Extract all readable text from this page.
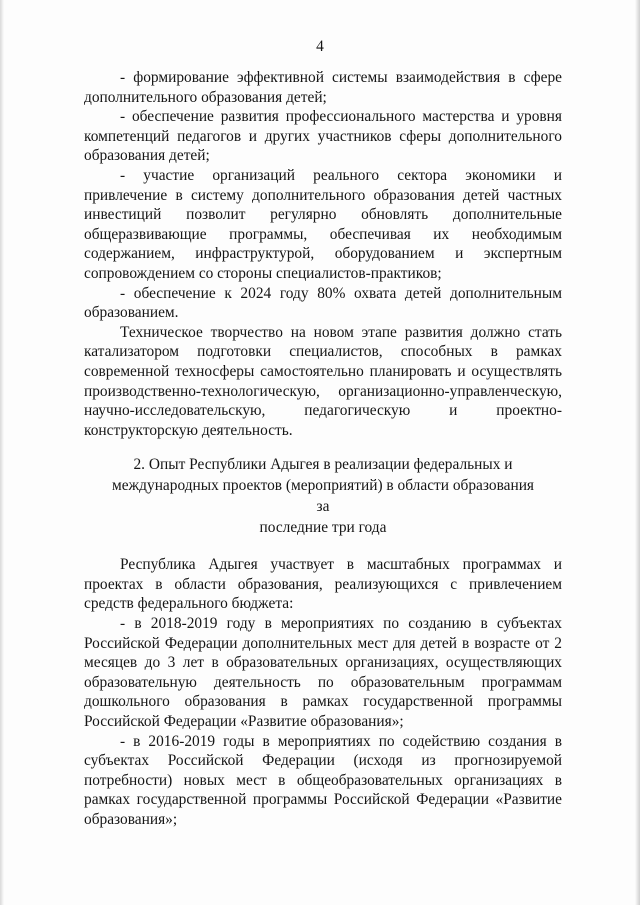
4

- формирование эффективной системы взаимодействия в сфере дополнительного образования детей;

- обеспечение развития профессионального мастерства и уровня компетенций педагогов и других участников сферы дополнительного образования детей;

- участие организаций реального сектора экономики и привлечение в систему дополнительного образования детей частных инвестиций позволит регулярно обновлять дополнительные общеразвивающие программы, обеспечивая их необходимым содержанием, инфраструктурой, оборудованием и экспертным сопровождением со стороны специалистов-практиков;

- обеспечение к 2024 году 80% охвата детей дополнительным образованием.

Техническое творчество на новом этапе развития должно стать катализатором подготовки специалистов, способных в рамках современной техносферы самостоятельно планировать и осуществлять производственно-технологическую, организационно-управленческую, научно-исследовательскую, педагогическую и проектно-конструкторскую деятельность.

2. Опыт Республики Адыгея в реализации федеральных и
международных проектов (мероприятий) в области образования за
последние три года

Республика Адыгея участвует в масштабных программах и проектах в области образования, реализующихся с привлечением средств федерального бюджета:

- в 2018-2019 году в мероприятиях по созданию в субъектах Российской Федерации дополнительных мест для детей в возрасте от 2 месяцев до 3 лет в образовательных организациях, осуществляющих образовательную деятельность по образовательным программам дошкольного образования в рамках государственной программы Российской Федерации «Развитие образования»;

- в 2016-2019 годы в мероприятиях по содействию создания в субъектах Российской Федерации (исходя из прогнозируемой потребности) новых мест в общеобразовательных организациях в рамках государственной программы Российской Федерации «Развитие образования»;
